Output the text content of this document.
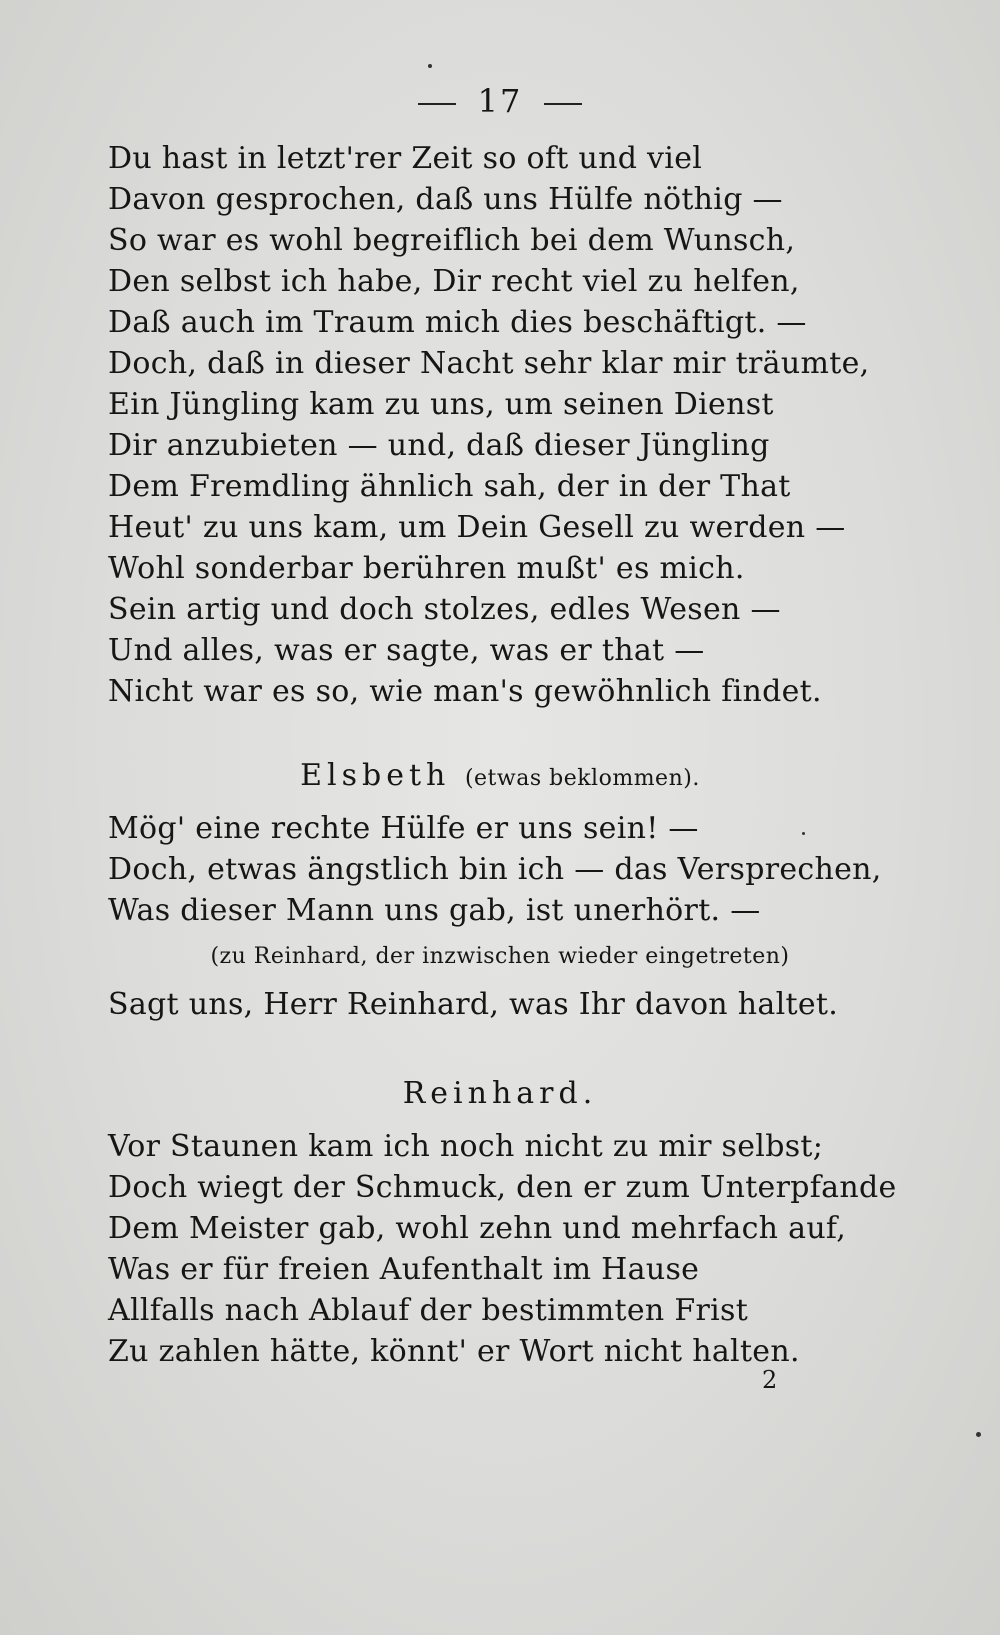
17
Du hast in letzt'rer Zeit so oft und viel
Davon gesprochen, daß uns Hülfe nöthig —
So war es wohl begreiflich bei dem Wunsch,
Den selbst ich habe, Dir recht viel zu helfen,
Daß auch im Traum mich dies beschäftigt. —
Doch, daß in dieser Nacht sehr klar mir träumte,
Ein Jüngling kam zu uns, um seinen Dienst
Dir anzubieten — und, daß dieser Jüngling
Dem Fremdling ähnlich sah, der in der That
Heut' zu uns kam, um Dein Gesell zu werden —
Wohl sonderbar berühren mußt' es mich.
Sein artig und doch stolzes, edles Wesen —
Und alles, was er sagte, was er that —
Nicht war es so, wie man's gewöhnlich findet.
Elsbeth (etwas beklommen).
Mög' eine rechte Hülfe er uns sein! —
Doch, etwas ängstlich bin ich — das Versprechen,
Was dieser Mann uns gab, ist unerhört. —
(zu Reinhard, der inzwischen wieder eingetreten)
Sagt uns, Herr Reinhard, was Ihr davon haltet.
Reinhard.
Vor Staunen kam ich noch nicht zu mir selbst;
Doch wiegt der Schmuck, den er zum Unterpfande
Dem Meister gab, wohl zehn und mehrfach auf,
Was er für freien Aufenthalt im Hause
Allfalls nach Ablauf der bestimmten Frist
Zu zahlen hätte, könnt' er Wort nicht halten.
2
